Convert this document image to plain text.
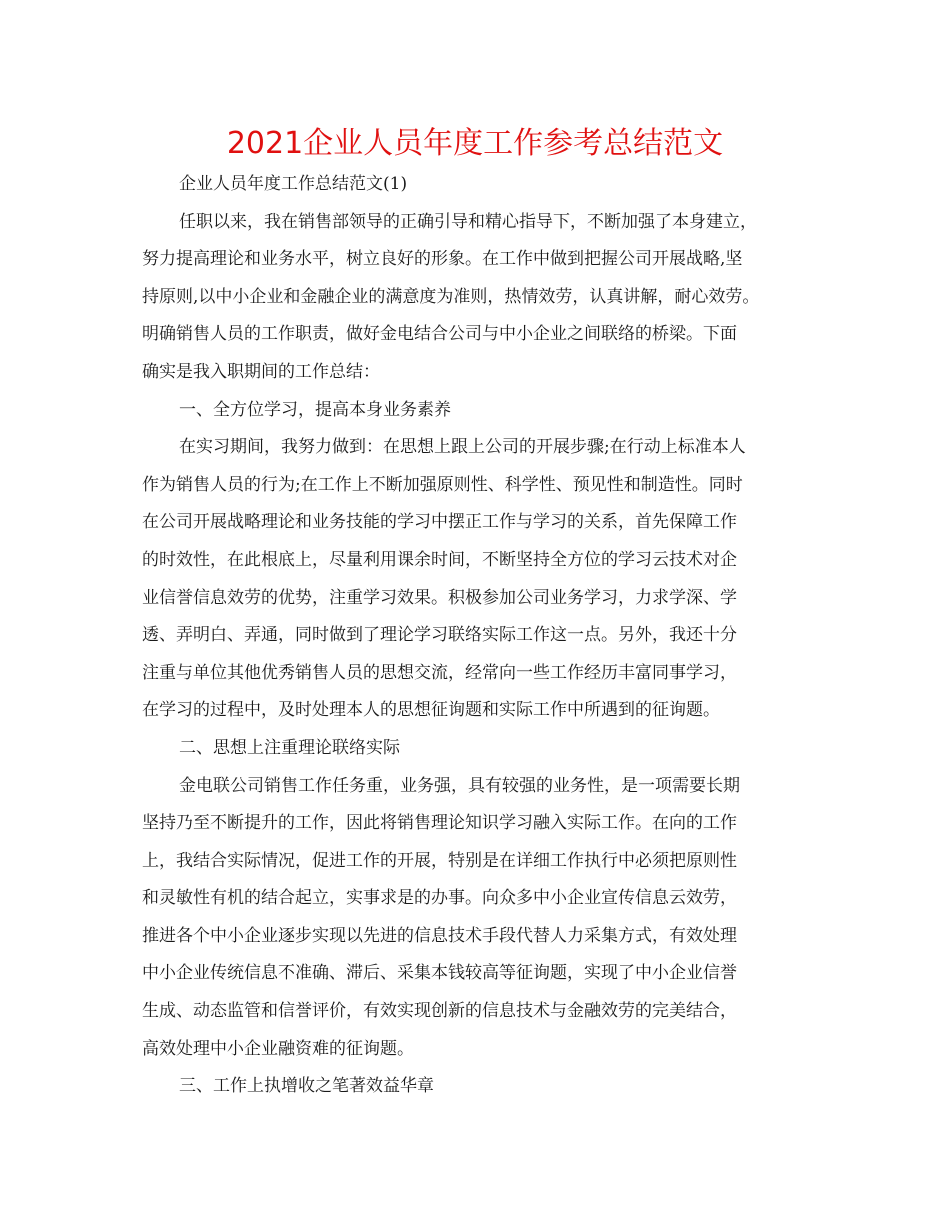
2021企业人员年度工作参考总结范文
企业人员年度工作总结范文(1)
任职以来，我在销售部领导的正确引导和精心指导下，不断加强了本身建立，
努力提高理论和业务水平，树立良好的形象。在工作中做到把握公司开展战略,坚
持原则,以中小企业和金融企业的满意度为准则，热情效劳，认真讲解，耐心效劳。
明确销售人员的工作职责，做好金电结合公司与中小企业之间联络的桥梁。下面
确实是我入职期间的工作总结：
一、全方位学习，提高本身业务素养
在实习期间，我努力做到：在思想上跟上公司的开展步骤;在行动上标准本人
作为销售人员的行为;在工作上不断加强原则性、科学性、预见性和制造性。同时
在公司开展战略理论和业务技能的学习中摆正工作与学习的关系，首先保障工作
的时效性，在此根底上，尽量利用课余时间，不断坚持全方位的学习云技术对企
业信誉信息效劳的优势，注重学习效果。积极参加公司业务学习，力求学深、学
透、弄明白、弄通，同时做到了理论学习联络实际工作这一点。另外，我还十分
注重与单位其他优秀销售人员的思想交流，经常向一些工作经历丰富同事学习，
在学习的过程中，及时处理本人的思想征询题和实际工作中所遇到的征询题。
二、思想上注重理论联络实际
金电联公司销售工作任务重，业务强，具有较强的业务性，是一项需要长期
坚持乃至不断提升的工作，因此将销售理论知识学习融入实际工作。在向的工作
上，我结合实际情况，促进工作的开展，特别是在详细工作执行中必须把原则性
和灵敏性有机的结合起立，实事求是的办事。向众多中小企业宣传信息云效劳，
推进各个中小企业逐步实现以先进的信息技术手段代替人力采集方式，有效处理
中小企业传统信息不准确、滞后、采集本钱较高等征询题，实现了中小企业信誉
生成、动态监管和信誉评价，有效实现创新的信息技术与金融效劳的完美结合，
高效处理中小企业融资难的征询题。
三、工作上执增收之笔著效益华章
